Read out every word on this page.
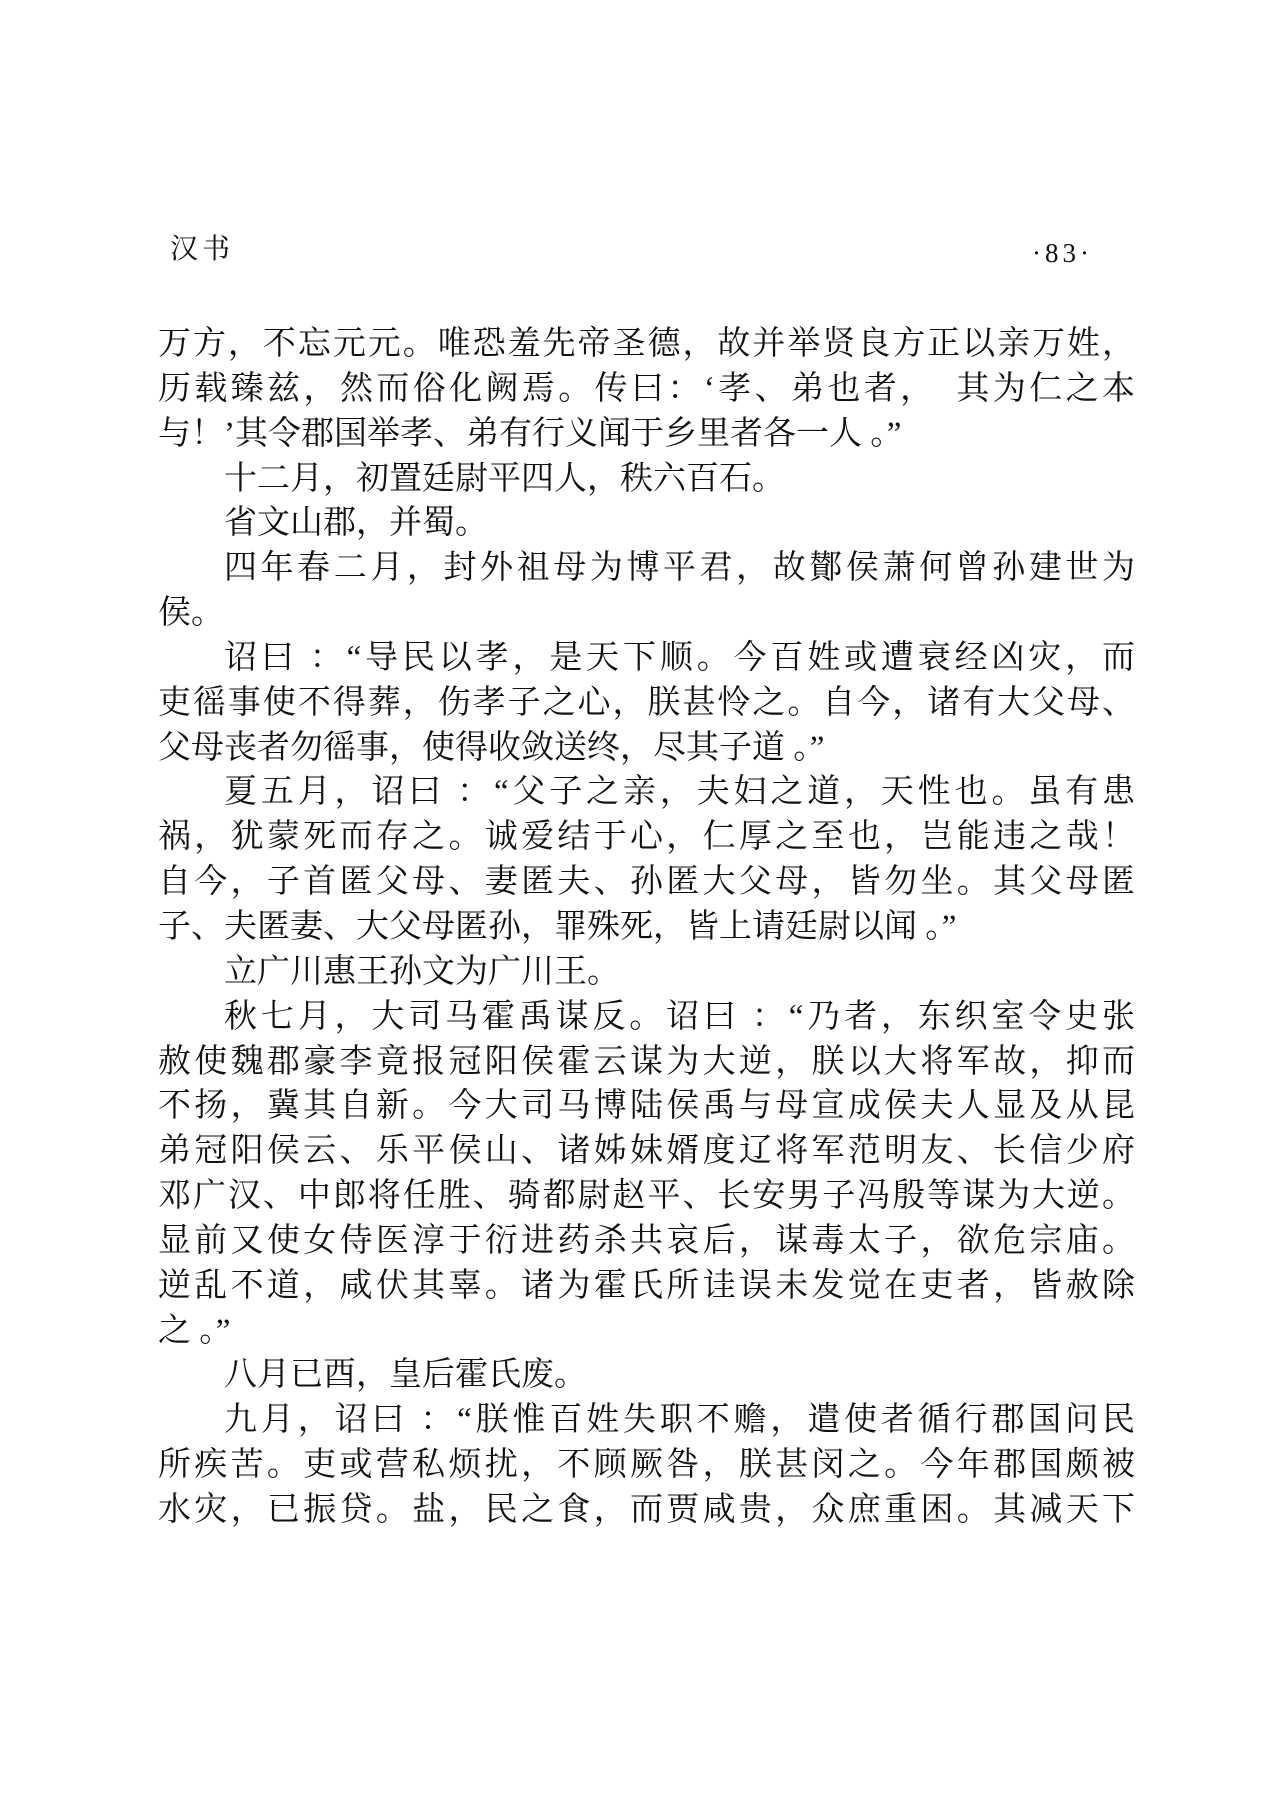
汉书	·83·
万方，不忘元元。唯恐羞先帝圣德，故并举贤良方正以亲万姓，
历载臻兹，然而俗化阙焉。传曰：‘孝、弟也者，　其为仁之本
与！’其令郡国举孝、弟有行义闻于乡里者各一人 。”
十二月，初置廷尉平四人，秩六百石。
省文山郡，并蜀。
四年春二月，封外祖母为博平君，故鄼侯萧何曾孙建世为
侯。
诏曰 ：“导民以孝，是天下顺。今百姓或遭衰经凶灾，而
吏徭事使不得葬，伤孝子之心，朕甚怜之。自今，诸有大父母、
父母丧者勿徭事，使得收敛送终，尽其子道 。”
夏五月，诏曰 ：“父子之亲，夫妇之道，天性也。虽有患
祸，犹蒙死而存之。诚爱结于心，仁厚之至也，岂能违之哉！
自今，子首匿父母、妻匿夫、孙匿大父母，皆勿坐。其父母匿
子、夫匿妻、大父母匿孙，罪殊死，皆上请廷尉以闻 。”
立广川惠王孙文为广川王。
秋七月，大司马霍禹谋反。诏曰 ：“乃者，东织室令史张
赦使魏郡豪李竟报冠阳侯霍云谋为大逆，朕以大将军故，抑而
不扬，冀其自新。今大司马博陆侯禹与母宣成侯夫人显及从昆
弟冠阳侯云、乐平侯山、诸姊妹婿度辽将军范明友、长信少府
邓广汉、中郎将任胜、骑都尉赵平、长安男子冯殷等谋为大逆。
显前又使女侍医淳于衍进药杀共哀后，谋毒太子，欲危宗庙。
逆乱不道，咸伏其辜。诸为霍氏所诖误未发觉在吏者，皆赦除
之 。”
八月已酉，皇后霍氏废。
九月，诏曰 ：“朕惟百姓失职不赡，遣使者循行郡国问民
所疾苦。吏或营私烦扰，不顾厥咎，朕甚闵之。今年郡国颇被
水灾，已振贷。盐，民之食，而贾咸贵，众庶重困。其减天下
